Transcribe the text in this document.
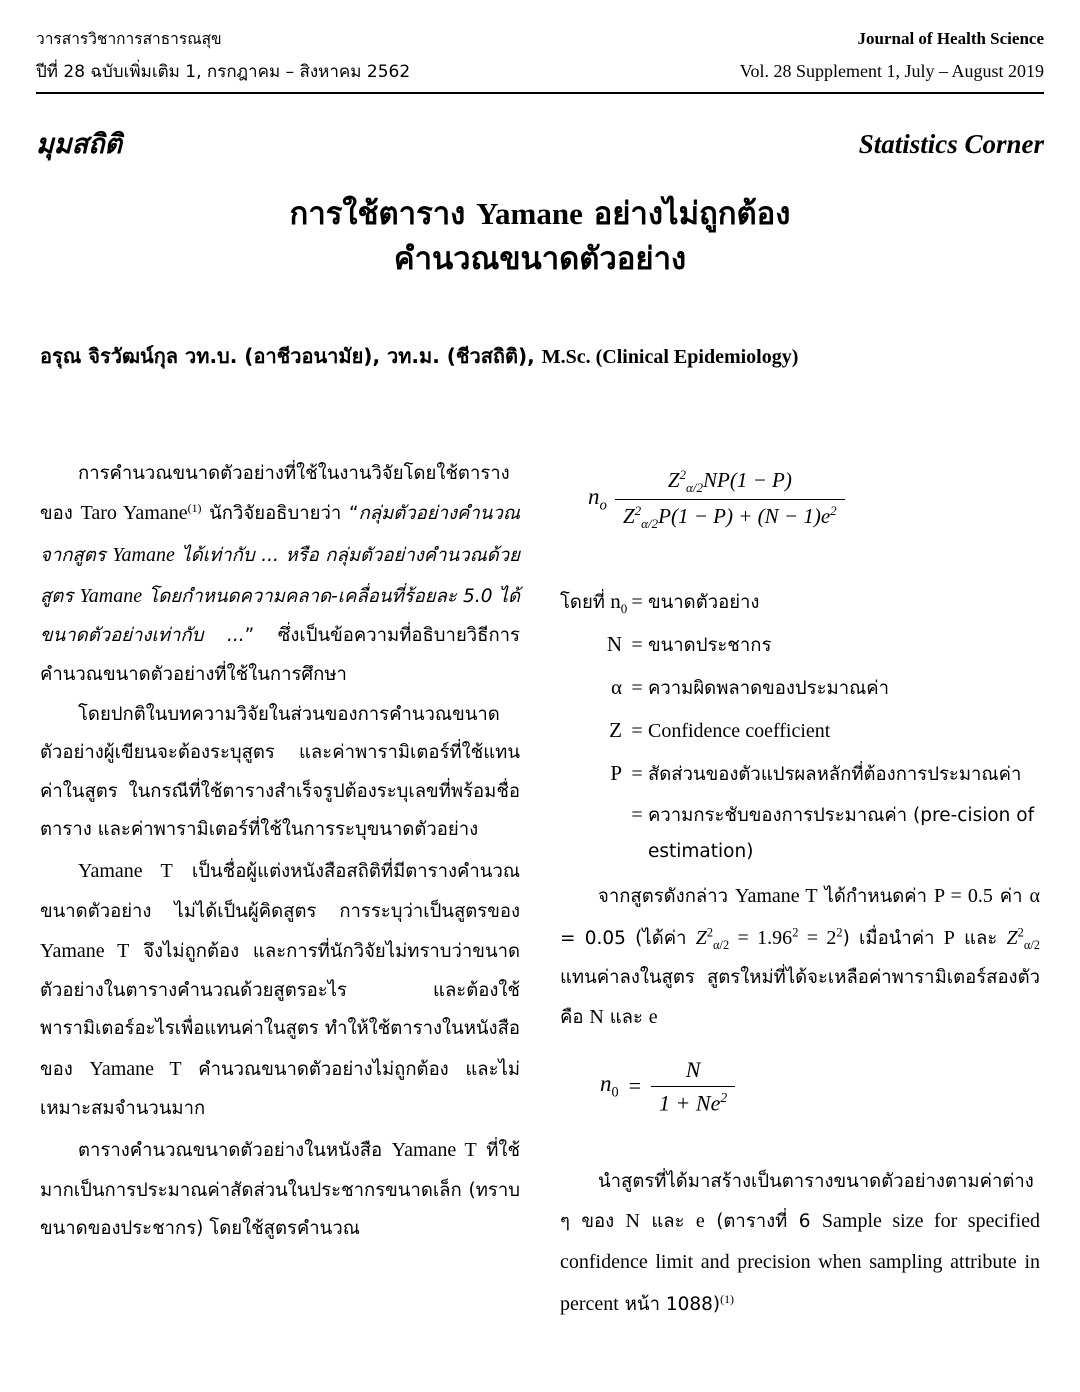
วารสารวิชาการสาธารณสุข	Journal of Health Science
ปีที่ 28 ฉบับเพิ่มเติม 1, กรกฎาคม – สิงหาคม 2562	Vol. 28 Supplement 1, July – August 2019
มุมสถิติ	Statistics Corner
การใช้ตาราง Yamane อย่างไม่ถูกต้อง
คำนวณขนาดตัวอย่าง
อรุณ จิรวัฒน์กุล วท.บ. (อาชีวอนามัย), วท.ม. (ชีวสถิติ), M.Sc. (Clinical Epidemiology)

การคำนวณขนาดตัวอย่างที่ใช้ในงานวิจัยโดยใช้ตารางของ Taro Yamane$^{(1)}$ นักวิจัยอธิบายว่า “กลุ่มตัวอย่างคำนวณจากสูตร Yamane ได้เท่ากับ ... หรือ กลุ่มตัวอย่างคำนวณด้วยสูตร Yamane โดยกำหนดความคลาด-เคลื่อนที่ร้อยละ 5.0 ได้ขนาดตัวอย่างเท่ากับ ...” ซึ่งเป็นข้อความที่อธิบายวิธีการคำนวณขนาดตัวอย่างที่ใช้ในการศึกษา

โดยปกติในบทความวิจัยในส่วนของการคำนวณขนาดตัวอย่างผู้เขียนจะต้องระบุสูตร และค่าพารามิเตอร์ที่ใช้แทนค่าในสูตร ในกรณีที่ใช้ตารางสำเร็จรูปต้องระบุเลขที่พร้อมชื่อตาราง และค่าพารามิเตอร์ที่ใช้ในการระบุขนาดตัวอย่าง

Yamane T เป็นชื่อผู้แต่งหนังสือสถิติที่มีตารางคำนวณขนาดตัวอย่าง ไม่ได้เป็นผู้คิดสูตร การระบุว่าเป็นสูตรของ Yamane T จึงไม่ถูกต้อง และการที่นักวิจัยไม่ทราบว่าขนาดตัวอย่างในตารางคำนวณด้วยสูตรอะไร และต้องใช้พารามิเตอร์อะไรเพื่อแทนค่าในสูตร ทำให้ใช้ตารางในหนังสือของ Yamane T คำนวณขนาดตัวอย่างไม่ถูกต้อง และไม่เหมาะสมจำนวนมาก

ตารางคำนวณขนาดตัวอย่างในหนังสือ Yamane T ที่ใช้มากเป็นการประมาณค่าสัดส่วนในประชากรขนาดเล็ก (ทราบขนาดของประชากร) โดยใช้สูตรคำนวณ

$n_o \frac{Z^2_{\alpha/2}NP(1 - P)}{Z^2_{\alpha/2}P(1 - P) + (N - 1)e^2}$
โดยที่ $n_0$ = ขนาดตัวอย่าง
N = ขนาดประชากร
α = ความผิดพลาดของประมาณค่า
Z = Confidence coefficient
P = สัดส่วนของตัวแปรผลหลักที่ต้องการประมาณค่า
= ความกระชับของการประมาณค่า (pre-cision of estimation)

จากสูตรดังกล่าว Yamane T ได้กำหนดค่า P = 0.5 ค่า α = 0.05 (ได้ค่า $Z^2_{\alpha/2} = 1.96^2 = 2^2$) เมื่อนำค่า P และ $Z^2_{\alpha/2}$ แทนค่าลงในสูตร สูตรใหม่ที่ได้จะเหลือค่าพารามิเตอร์สองตัว คือ N และ e

$n_0 = \frac{N}{1 + Ne^2}$

นำสูตรที่ได้มาสร้างเป็นตารางขนาดตัวอย่างตามค่าต่าง ๆ ของ N และ e (ตารางที่ 6 Sample size for specified confidence limit and precision when sampling attribute in percent หน้า 1088)$^{(1)}$
